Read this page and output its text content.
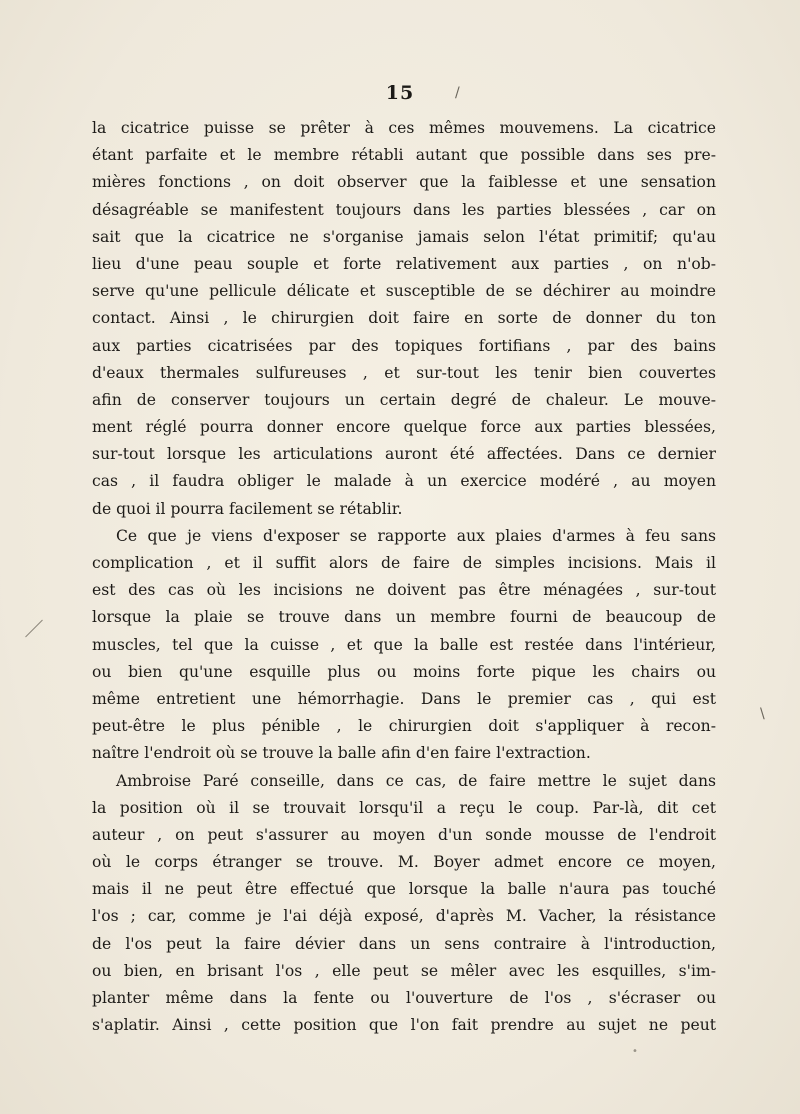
15	/
\
•
la cicatrice puisse se prêter à ces mêmes mouvemens. La cicatrice
étant parfaite et le membre rétabli autant que possible dans ses pre-
mières fonctions , on doit observer que la faiblesse et une sensation
désagréable se manifestent toujours dans les parties blessées , car on
sait que la cicatrice ne s'organise jamais selon l'état primitif; qu'au
lieu d'une peau souple et forte relativement aux parties , on n'ob-
serve qu'une pellicule délicate et susceptible de se déchirer au moindre
contact. Ainsi , le chirurgien doit faire en sorte de donner du ton
aux parties cicatrisées par des topiques fortifians , par des bains
d'eaux thermales sulfureuses , et sur-tout les tenir bien couvertes
afin de conserver toujours un certain degré de chaleur. Le mouve-
ment réglé pourra donner encore quelque force aux parties blessées,
sur-tout lorsque les articulations auront été affectées. Dans ce dernier
cas , il faudra obliger le malade à un exercice modéré , au moyen
de quoi il pourra facilement se rétablir.
Ce que je viens d'exposer se rapporte aux plaies d'armes à feu sans
complication , et il suffit alors de faire de simples incisions. Mais il
est des cas où les incisions ne doivent pas être ménagées , sur-tout
lorsque la plaie se trouve dans un membre fourni de beaucoup de
muscles, tel que la cuisse , et que la balle est restée dans l'intérieur,
ou bien qu'une esquille plus ou moins forte pique les chairs ou
même entretient une hémorrhagie. Dans le premier cas , qui est
peut-être le plus pénible , le chirurgien doit s'appliquer à recon-
naître l'endroit où se trouve la balle afin d'en faire l'extraction.
Ambroise Paré conseille, dans ce cas, de faire mettre le sujet dans
la position où il se trouvait lorsqu'il a reçu le coup. Par-là, dit cet
auteur , on peut s'assurer au moyen d'un sonde mousse de l'endroit
où le corps étranger se trouve. M. Boyer admet encore ce moyen,
mais il ne peut être effectué que lorsque la balle n'aura pas touché
l'os ; car, comme je l'ai déjà exposé, d'après M. Vacher, la résistance
de l'os peut la faire dévier dans un sens contraire à l'introduction,
ou bien, en brisant l'os , elle peut se mêler avec les esquilles, s'im-
planter même dans la fente ou l'ouverture de l'os , s'écraser ou
s'aplatir. Ainsi , cette position que l'on fait prendre au sujet ne peut
